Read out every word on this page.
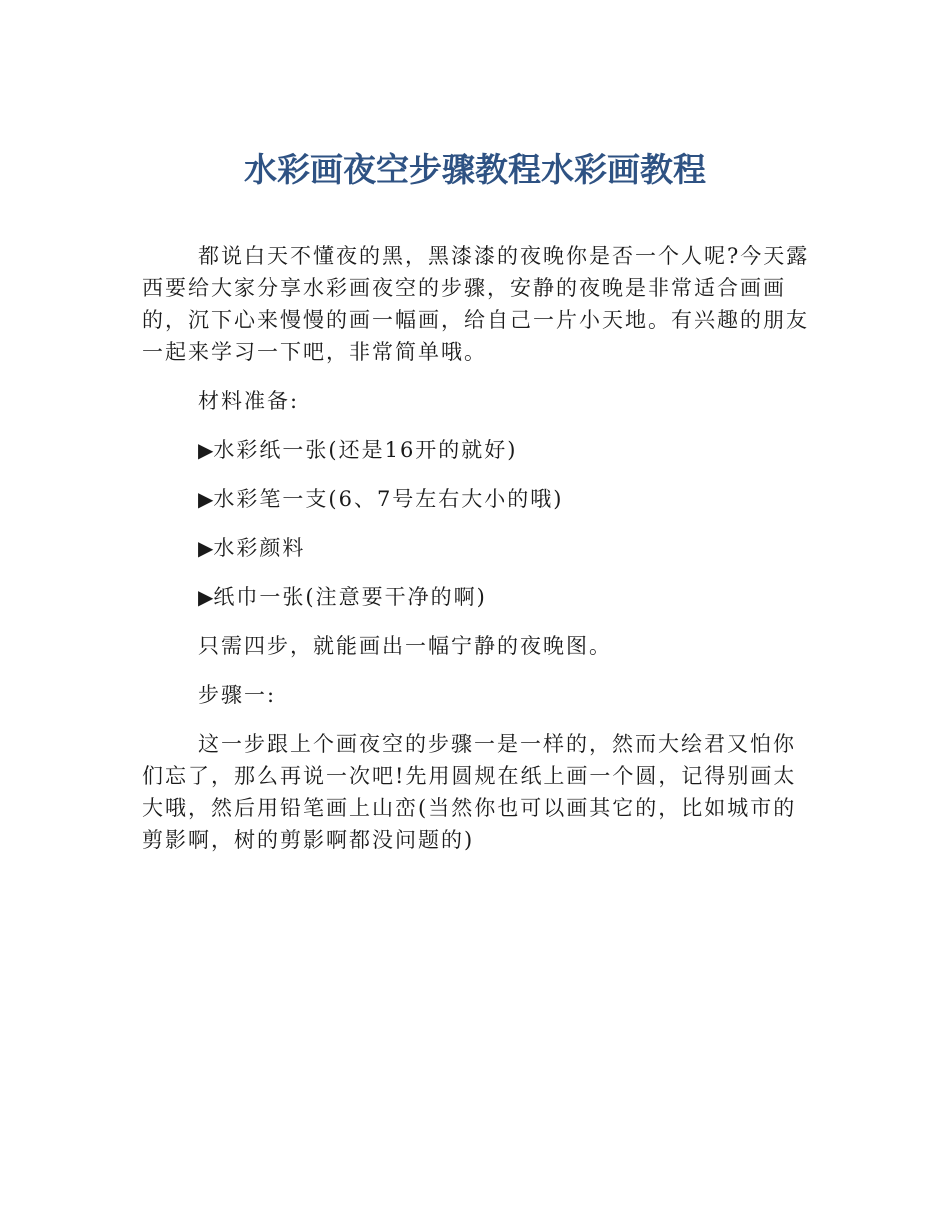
水彩画夜空步骤教程水彩画教程

都说白天不懂夜的黑，黑漆漆的夜晚你是否一个人呢?今天露西要给大家分享水彩画夜空的步骤，安静的夜晚是非常适合画画的，沉下心来慢慢的画一幅画，给自己一片小天地。有兴趣的朋友一起来学习一下吧，非常简单哦。

材料准备:

▶水彩纸一张(还是16开的就好)

▶水彩笔一支(6、7号左右大小的哦)

▶水彩颜料

▶纸巾一张(注意要干净的啊)

只需四步，就能画出一幅宁静的夜晚图。

步骤一:

这一步跟上个画夜空的步骤一是一样的，然而大绘君又怕你们忘了，那么再说一次吧!先用圆规在纸上画一个圆，记得别画太大哦，然后用铅笔画上山峦(当然你也可以画其它的，比如城市的剪影啊，树的剪影啊都没问题的)
